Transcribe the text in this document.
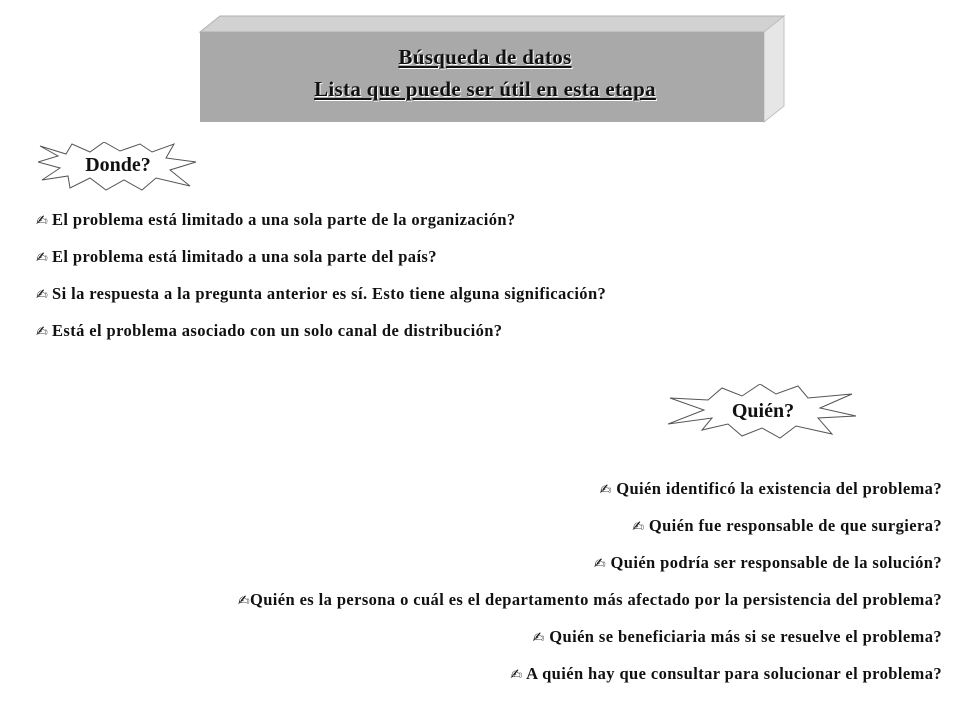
Búsqueda de datos
Lista que puede ser útil en esta etapa
Donde?
✍ El problema está limitado a una sola parte de la organización?
✍ El problema está limitado a una sola parte del país?
✍ Si la respuesta a la pregunta anterior es sí. Esto tiene alguna significación?
✍ Está el problema asociado con un solo canal de distribución?
Quién?
✍ Quién identificó la existencia del problema?
✍ Quién fue responsable de que surgiera?
✍ Quién podría ser responsable de la solución?
✍Quién es la persona o cuál es el departamento más afectado por la persistencia del problema?
✍ Quién se beneficiaria más si se resuelve el problema?
✍ A quién hay que consultar para solucionar el problema?
